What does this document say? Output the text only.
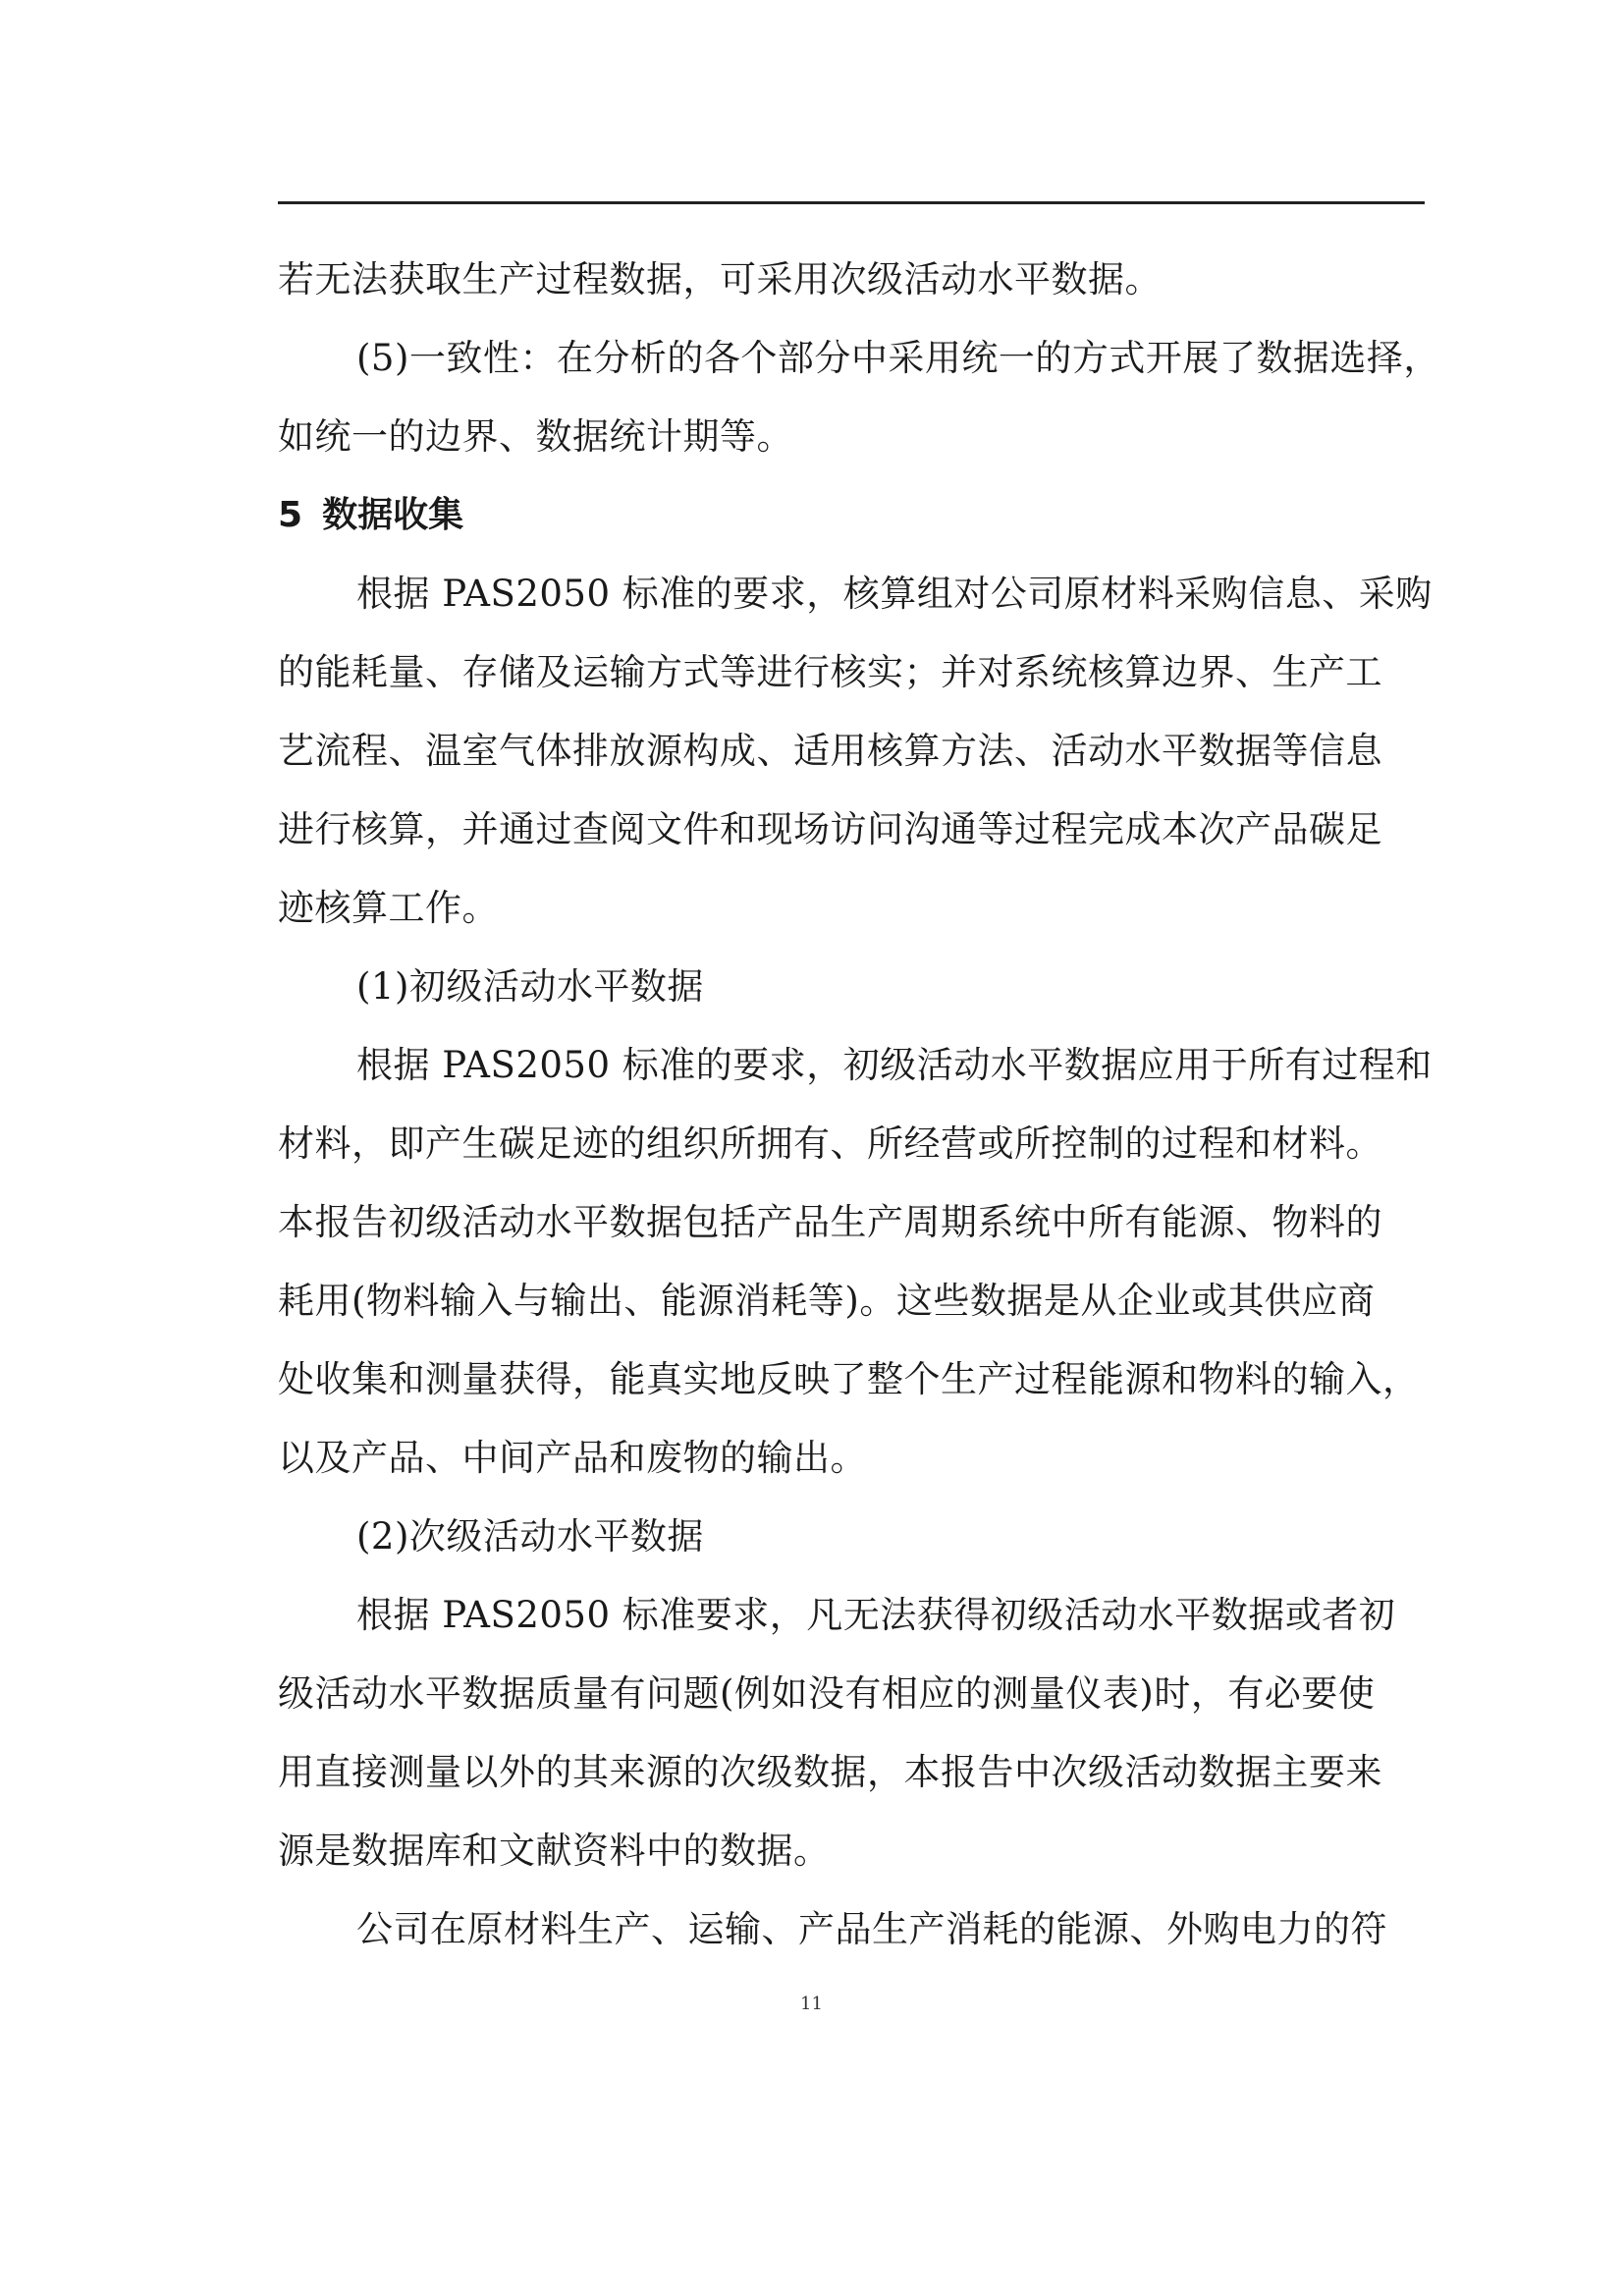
若无法获取生产过程数据，可采用次级活动水平数据。
(5)一致性：在分析的各个部分中采用统一的方式开展了数据选择，
如统一的边界、数据统计期等。
5 数据收集
根据 PAS2050 标准的要求，核算组对公司原材料采购信息、采购
的能耗量、存储及运输方式等进行核实；并对系统核算边界、生产工
艺流程、温室气体排放源构成、适用核算方法、活动水平数据等信息
进行核算，并通过查阅文件和现场访问沟通等过程完成本次产品碳足
迹核算工作。
(1)初级活动水平数据
根据 PAS2050 标准的要求，初级活动水平数据应用于所有过程和
材料，即产生碳足迹的组织所拥有、所经营或所控制的过程和材料。
本报告初级活动水平数据包括产品生产周期系统中所有能源、物料的
耗用(物料输入与输出、能源消耗等)。这些数据是从企业或其供应商
处收集和测量获得，能真实地反映了整个生产过程能源和物料的输入，
以及产品、中间产品和废物的输出。
(2)次级活动水平数据
根据 PAS2050 标准要求，凡无法获得初级活动水平数据或者初
级活动水平数据质量有问题(例如没有相应的测量仪表)时，有必要使
用直接测量以外的其来源的次级数据，本报告中次级活动数据主要来
源是数据库和文献资料中的数据。
公司在原材料生产、运输、产品生产消耗的能源、外购电力的符
11
